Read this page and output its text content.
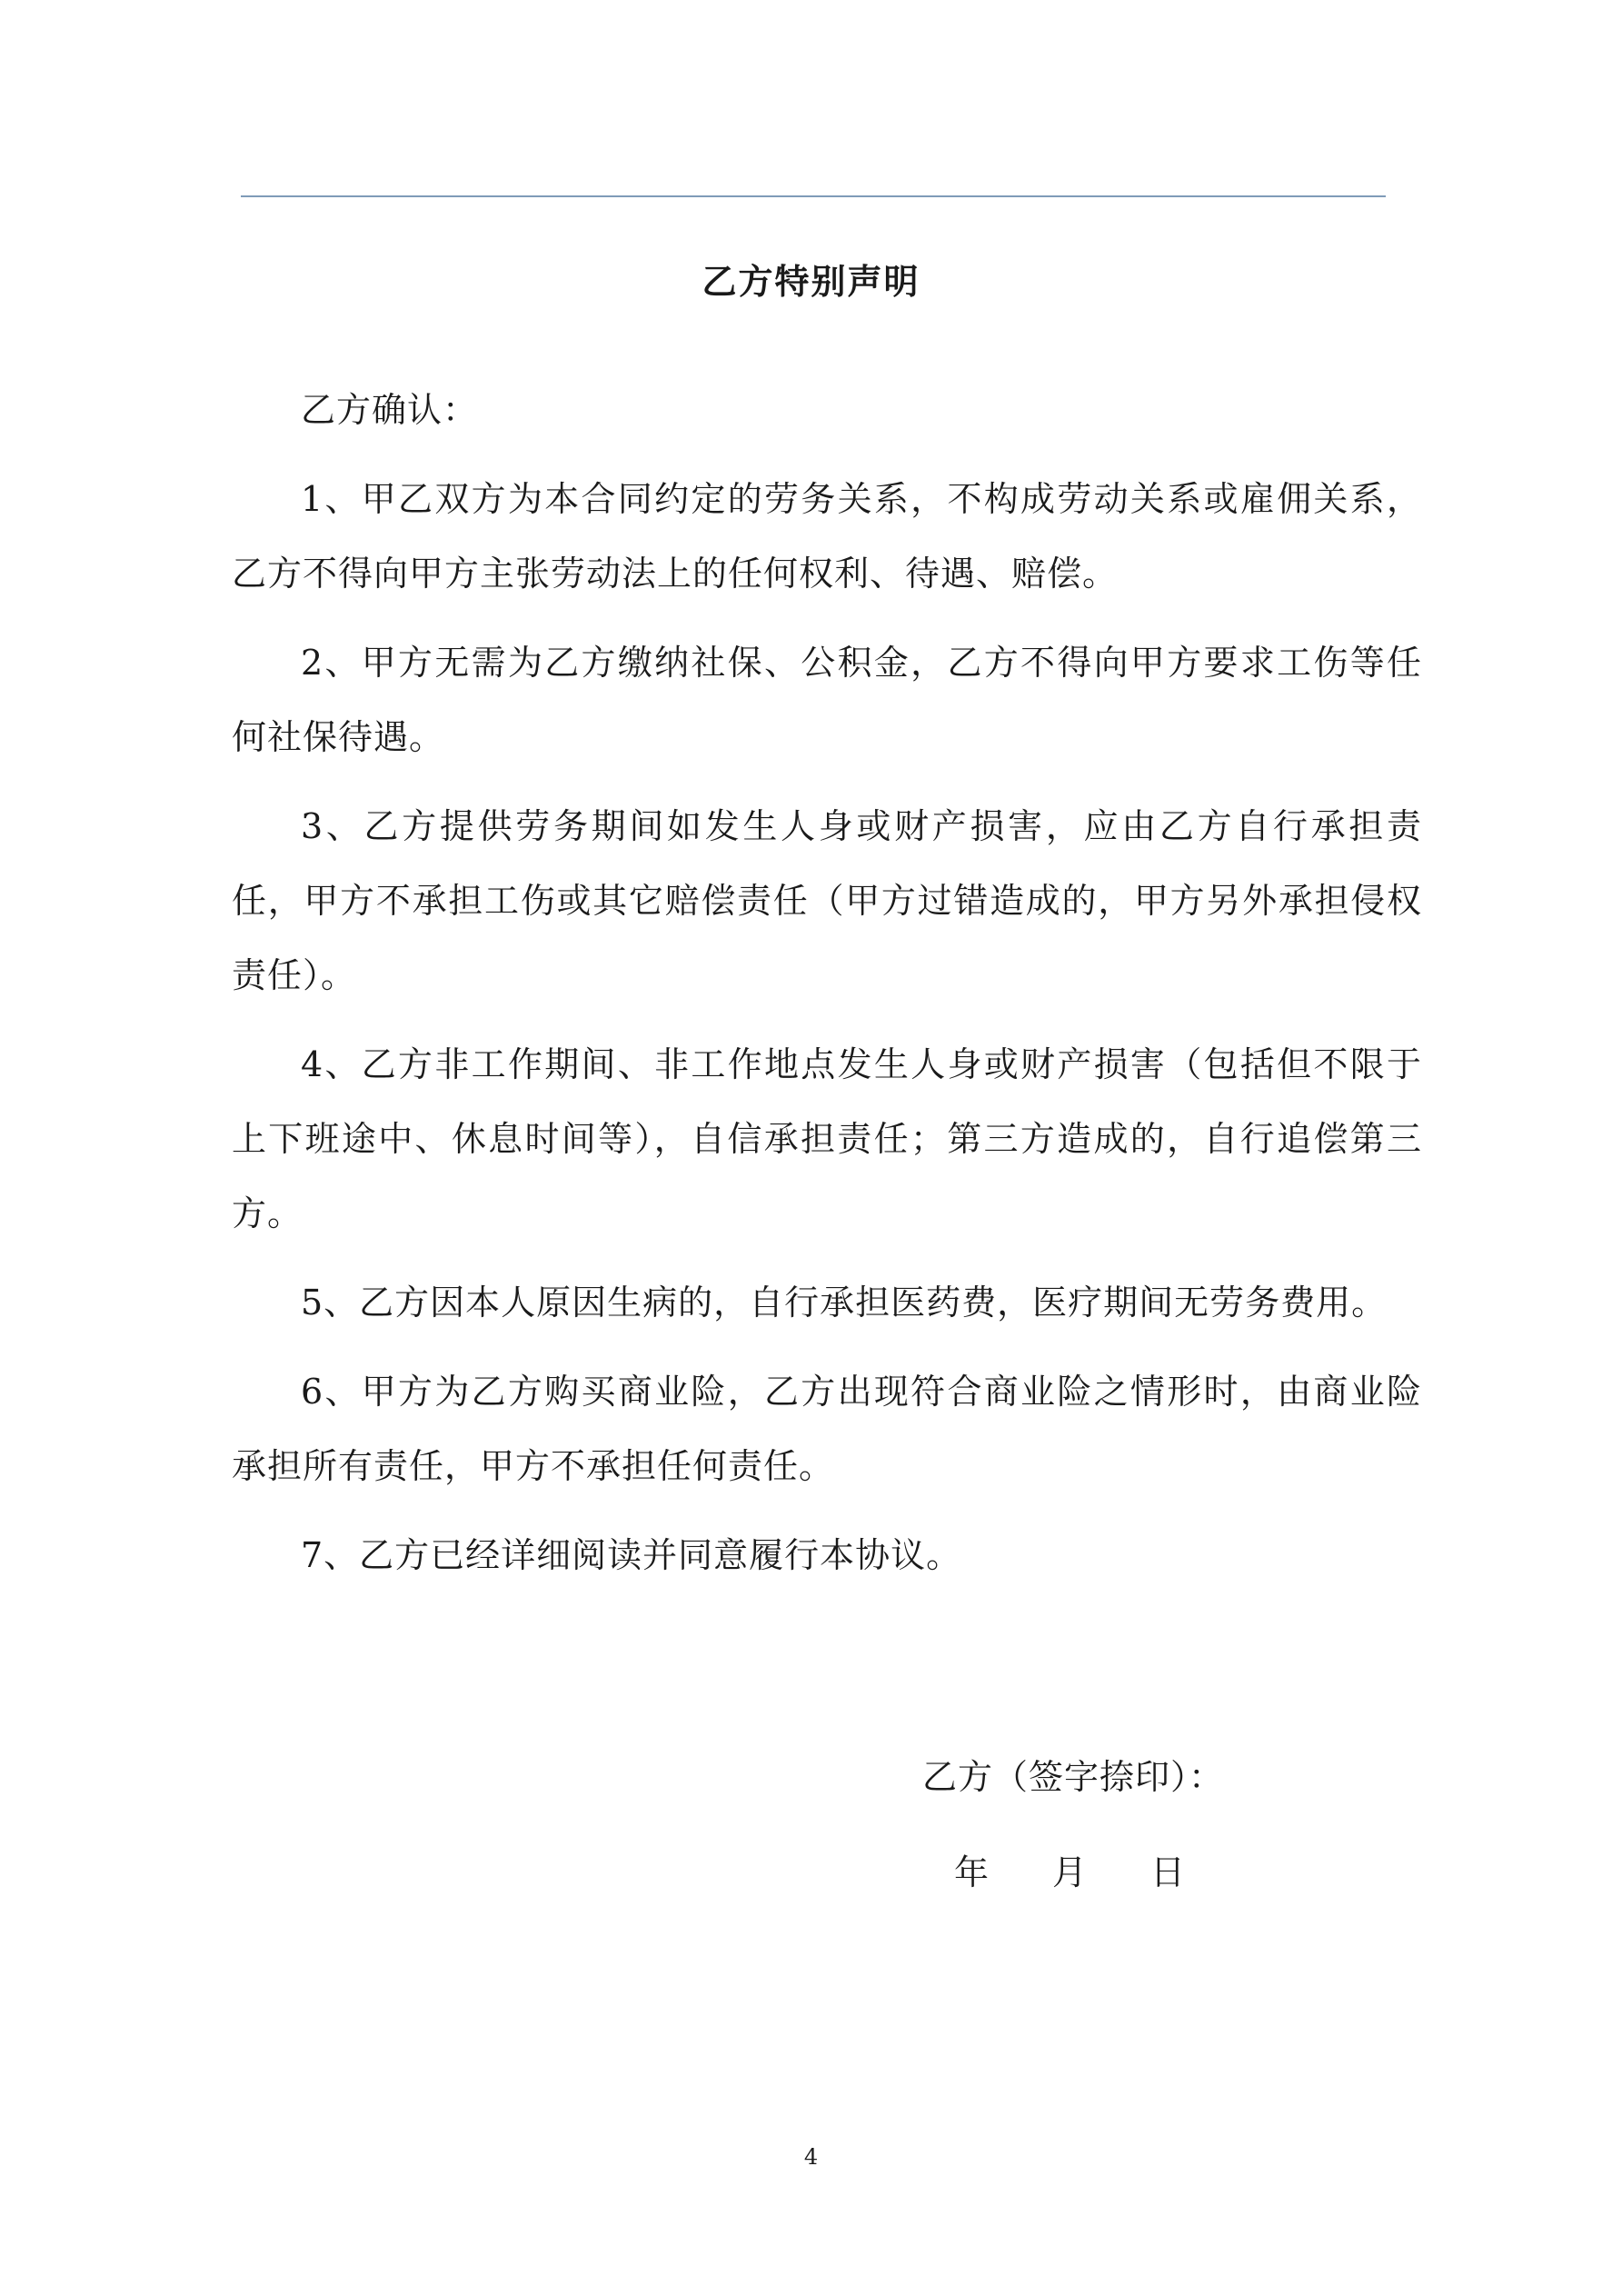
乙方特别声明

乙方确认：

1、甲乙双方为本合同约定的劳务关系，不构成劳动关系或雇佣关系，乙方不得向甲方主张劳动法上的任何权利、待遇、赔偿。

2、甲方无需为乙方缴纳社保、公积金，乙方不得向甲方要求工伤等任何社保待遇。

3、乙方提供劳务期间如发生人身或财产损害，应由乙方自行承担责任，甲方不承担工伤或其它赔偿责任（甲方过错造成的，甲方另外承担侵权责任）。

4、乙方非工作期间、非工作地点发生人身或财产损害（包括但不限于上下班途中、休息时间等），自信承担责任；第三方造成的，自行追偿第三方。

5、乙方因本人原因生病的，自行承担医药费，医疗期间无劳务费用。

6、甲方为乙方购买商业险，乙方出现符合商业险之情形时，由商业险承担所有责任，甲方不承担任何责任。

7、乙方已经详细阅读并同意履行本协议。

乙方（签字捺印）：
年 月 日
4
